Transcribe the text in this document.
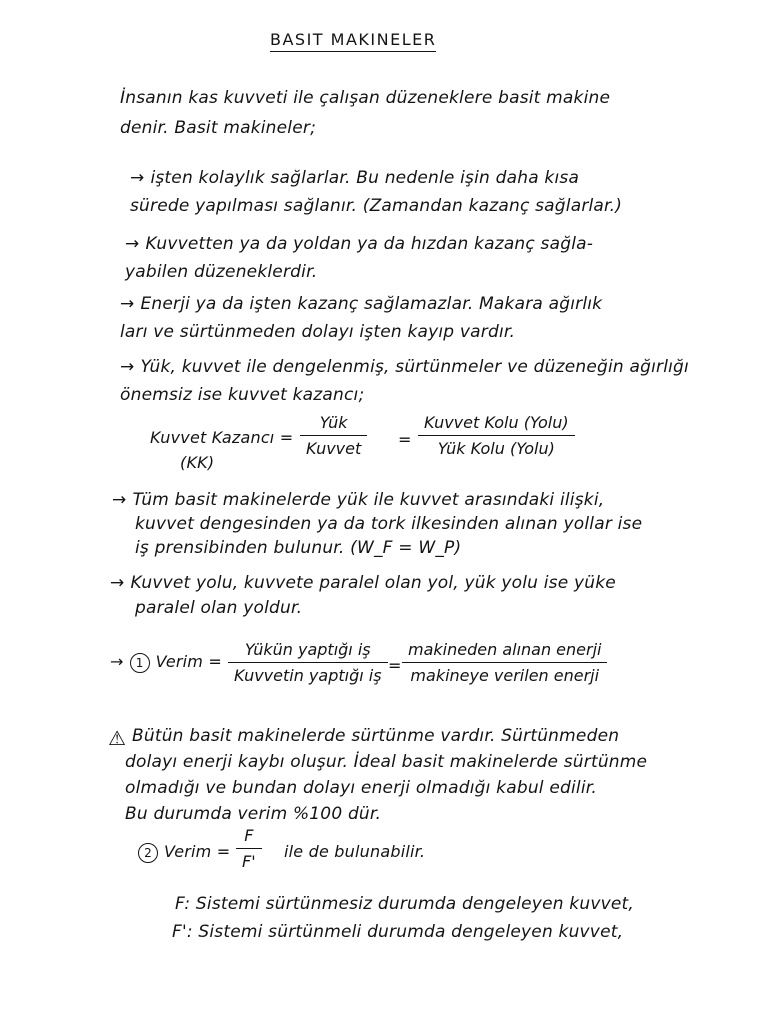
BASIT MAKINELER
İnsanın kas kuvveti ile çalışan düzeneklere basit makine
denir. Basit makineler;
→ işten kolaylık sağlarlar. Bu nedenle işin daha kısa
sürede yapılması sağlanır. (Zamandan kazanç sağlarlar.)
→ Kuvvetten ya da yoldan ya da hızdan kazanç sağla-
yabilen düzeneklerdir.
→ Enerji ya da işten kazanç sağlamazlar. Makara ağırlık
ları ve sürtünmeden dolayı işten kayıp vardır.
→ Yük, kuvvet ile dengelenmiş, sürtünmeler ve düzeneğin ağırlığı
önemsiz ise kuvvet kazancı;
Kuvvet Kazancı =
(KK)
Yük
Kuvvet	=
Kuvvet Kolu (Yolu)
Yük Kolu (Yolu)
→ Tüm basit makinelerde yük ile kuvvet arasındaki ilişki,
kuvvet dengesinden ya da tork ilkesinden alınan yollar ise
iş prensibinden bulunur. (W_F = W_P)
→ Kuvvet yolu, kuvvete paralel olan yol, yük yolu ise yüke
paralel olan yoldur.
→ 1 Verim =
Yükün yaptığı iş
Kuvvetin yaptığı iş
=
makineden alınan enerji
makineye verilen enerji
⚠ Bütün basit makinelerde sürtünme vardır. Sürtünmeden
dolayı enerji kaybı oluşur. İdeal basit makinelerde sürtünme
olmadığı ve bundan dolayı enerji olmadığı kabul edilir.
Bu durumda verim %100 dür.
2 Verim =
F
F'
ile de bulunabilir.
F: Sistemi sürtünmesiz durumda dengeleyen kuvvet,
F': Sistemi sürtünmeli durumda dengeleyen kuvvet,
